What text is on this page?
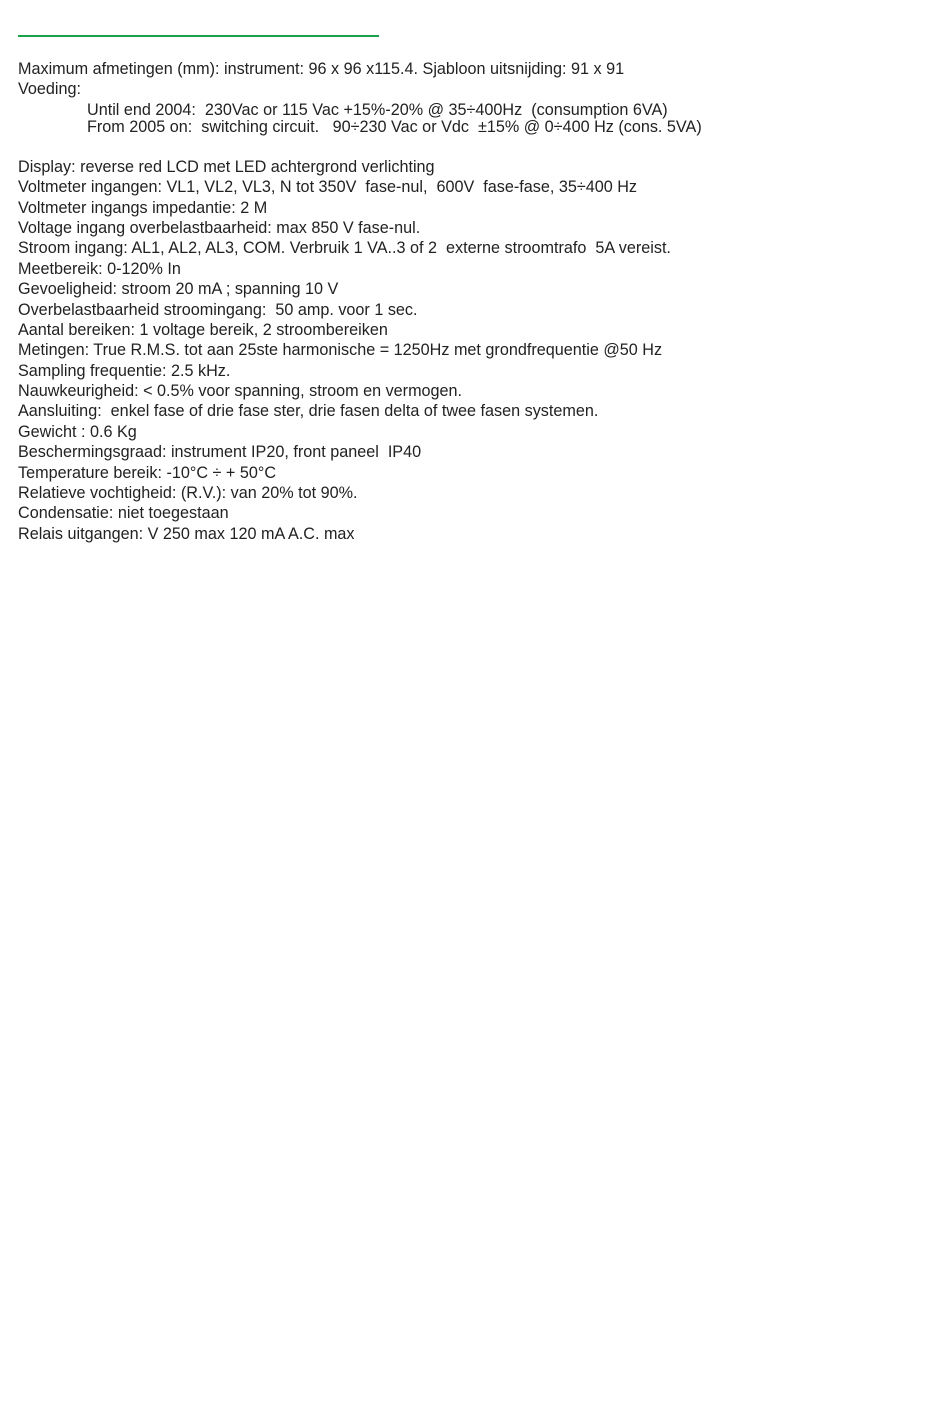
Maximum afmetingen (mm): instrument: 96 x 96 x115.4. Sjabloon uitsnijding: 91 x 91

Voeding:

Until end 2004:  230Vac or 115 Vac +15%-20% @ 35÷400Hz  (consumption 6VA)

From 2005 on:  switching circuit.   90÷230 Vac or Vdc  ±15% @ 0÷400 Hz (cons. 5VA)

Display: reverse red LCD met LED achtergrond verlichting

Voltmeter ingangen: VL1, VL2, VL3, N tot 350V  fase-nul,  600V  fase-fase, 35÷400 Hz

Voltmeter ingangs impedantie: 2 M

Voltage ingang overbelastbaarheid: max 850 V fase-nul.

Stroom ingang: AL1, AL2, AL3, COM. Verbruik 1 VA..3 of 2  externe stroomtrafo  5A vereist.

Meetbereik: 0-120% In

Gevoeligheid: stroom 20 mA ; spanning 10 V

Overbelastbaarheid stroomingang:  50 amp. voor 1 sec.

Aantal bereiken: 1 voltage bereik, 2 stroombereiken

Metingen: True R.M.S. tot aan 25ste harmonische = 1250Hz met grondfrequentie @50 Hz

Sampling frequentie: 2.5 kHz.

Nauwkeurigheid: < 0.5% voor spanning, stroom en vermogen.

Aansluiting:  enkel fase of drie fase ster, drie fasen delta of twee fasen systemen.

Gewicht : 0.6 Kg

Beschermingsgraad: instrument IP20, front paneel  IP40

Temperature bereik: -10°C ÷ + 50°C

Relatieve vochtigheid: (R.V.): van 20% tot 90%.

Condensatie: niet toegestaan

Relais uitgangen: V 250 max 120 mA A.C. max
